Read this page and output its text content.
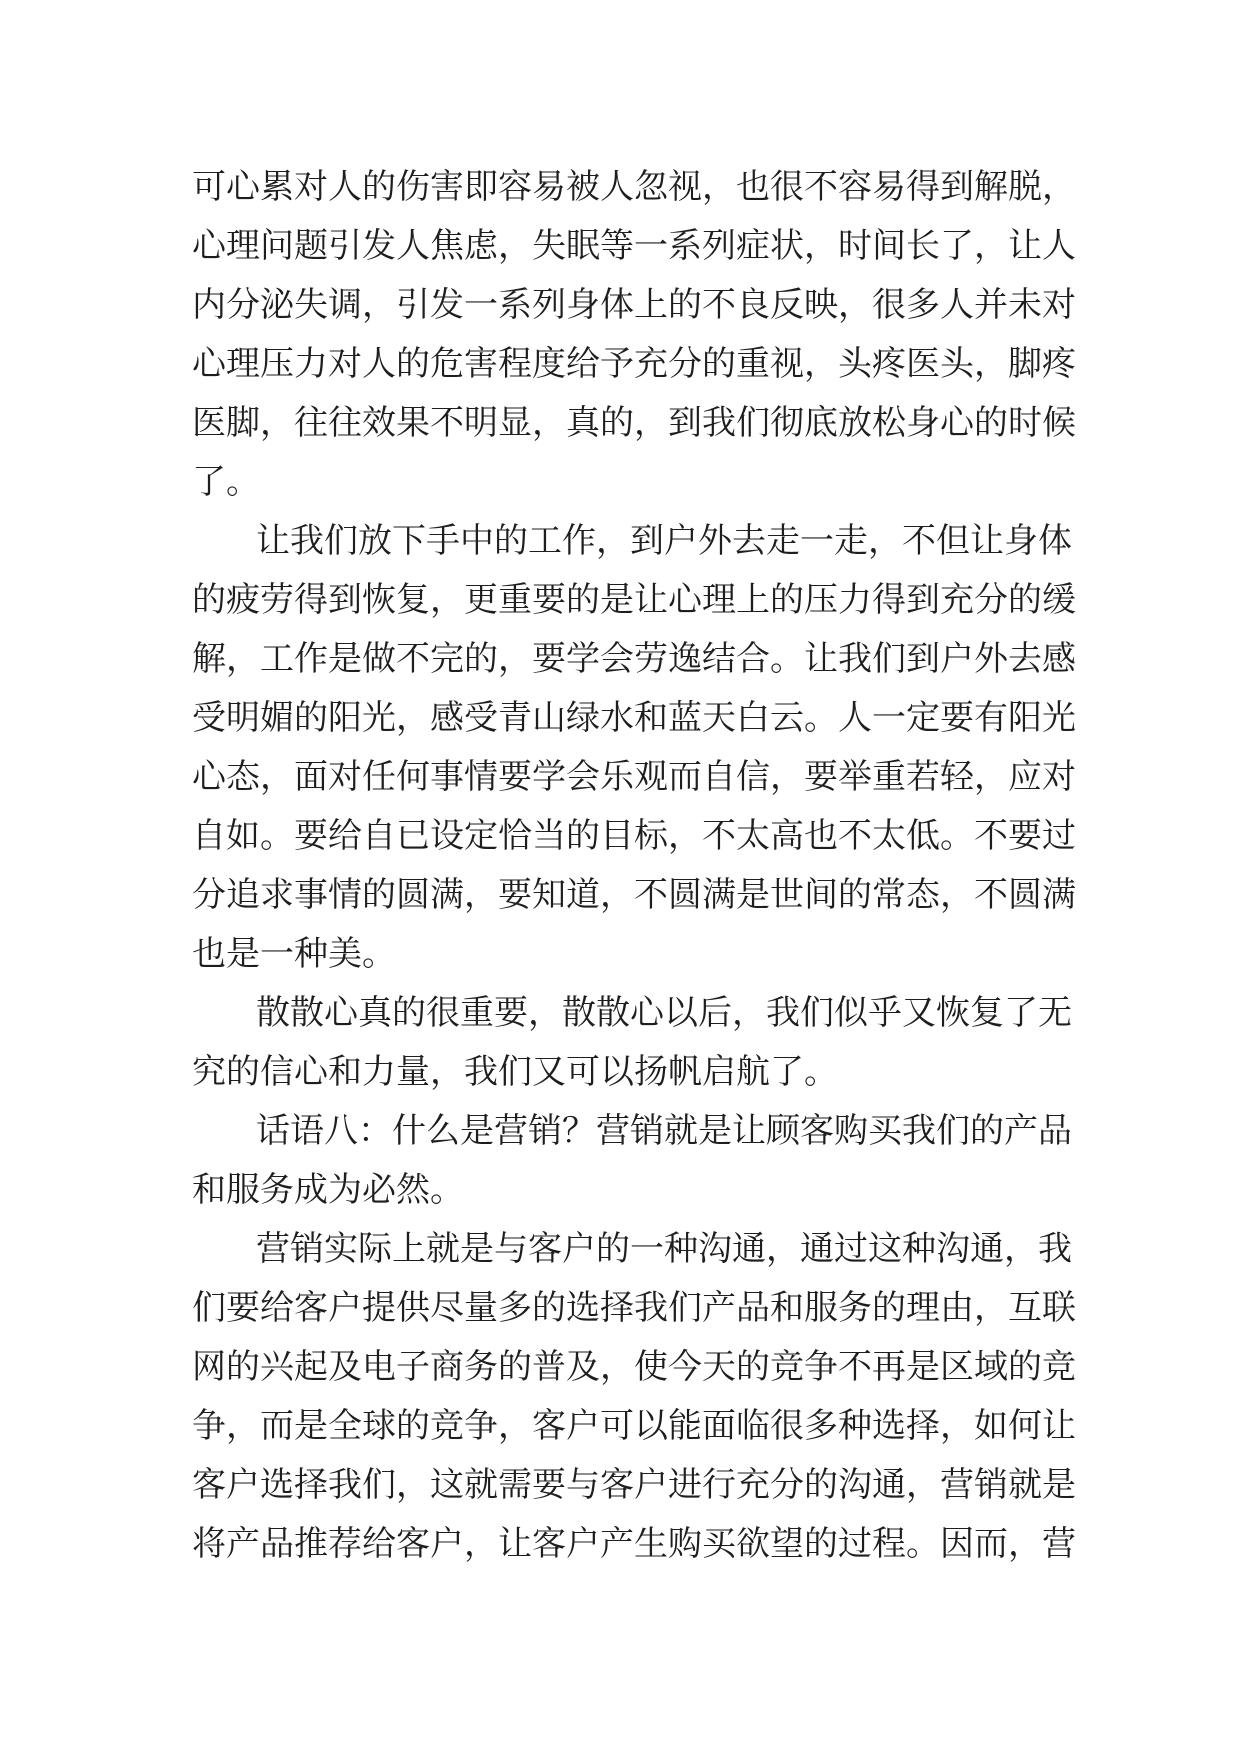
可心累对人的伤害即容易被人忽视，也很不容易得到解脱，
心理问题引发人焦虑，失眠等一系列症状，时间长了，让人
内分泌失调，引发一系列身体上的不良反映，很多人并未对
心理压力对人的危害程度给予充分的重视，头疼医头，脚疼
医脚，往往效果不明显，真的，到我们彻底放松身心的时候
了。
让我们放下手中的工作，到户外去走一走，不但让身体
的疲劳得到恢复，更重要的是让心理上的压力得到充分的缓
解，工作是做不完的，要学会劳逸结合。让我们到户外去感
受明媚的阳光，感受青山绿水和蓝天白云。人一定要有阳光
心态，面对任何事情要学会乐观而自信，要举重若轻，应对
自如。要给自已设定恰当的目标，不太高也不太低。不要过
分追求事情的圆满，要知道，不圆满是世间的常态，不圆满
也是一种美。
散散心真的很重要，散散心以后，我们似乎又恢复了无
究的信心和力量，我们又可以扬帆启航了。
话语八：什么是营销？营销就是让顾客购买我们的产品
和服务成为必然。
营销实际上就是与客户的一种沟通，通过这种沟通，我
们要给客户提供尽量多的选择我们产品和服务的理由，互联
网的兴起及电子商务的普及，使今天的竞争不再是区域的竞
争，而是全球的竞争，客户可以能面临很多种选择，如何让
客户选择我们，这就需要与客户进行充分的沟通，营销就是
将产品推荐给客户，让客户产生购买欲望的过程。因而，营
